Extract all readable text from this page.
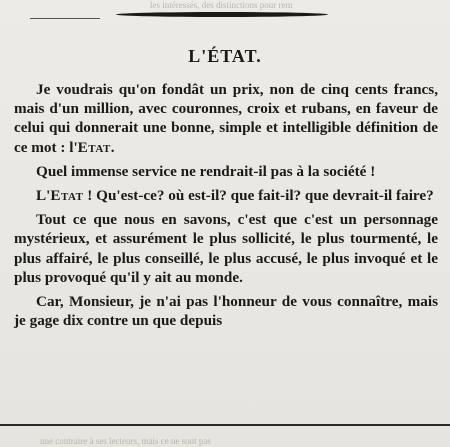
les intéressés, des distinctions pour rem
L'ÉTAT.

Je voudrais qu'on fondât un prix, non de cinq cents francs, mais d'un million, avec couronnes, croix et rubans, en faveur de celui qui donnerait une bonne, simple et intelligible définition de ce mot : l'Etat.

Quel immense service ne rendrait-il pas à la société !

L'Etat ! Qu'est-ce? où est-il? que fait-il? que devrait-il faire?

Tout ce que nous en savons, c'est que c'est un personnage mystérieux, et assurément le plus sollicité, le plus tourmenté, le plus affairé, le plus conseillé, le plus accusé, le plus invoqué et le plus provoqué qu'il y ait au monde.

Car, Monsieur, je n'ai pas l'honneur de vous connaître, mais je gage dix contre un que depuis

une contraire à ses lecteurs, mais ce ne sont pas
